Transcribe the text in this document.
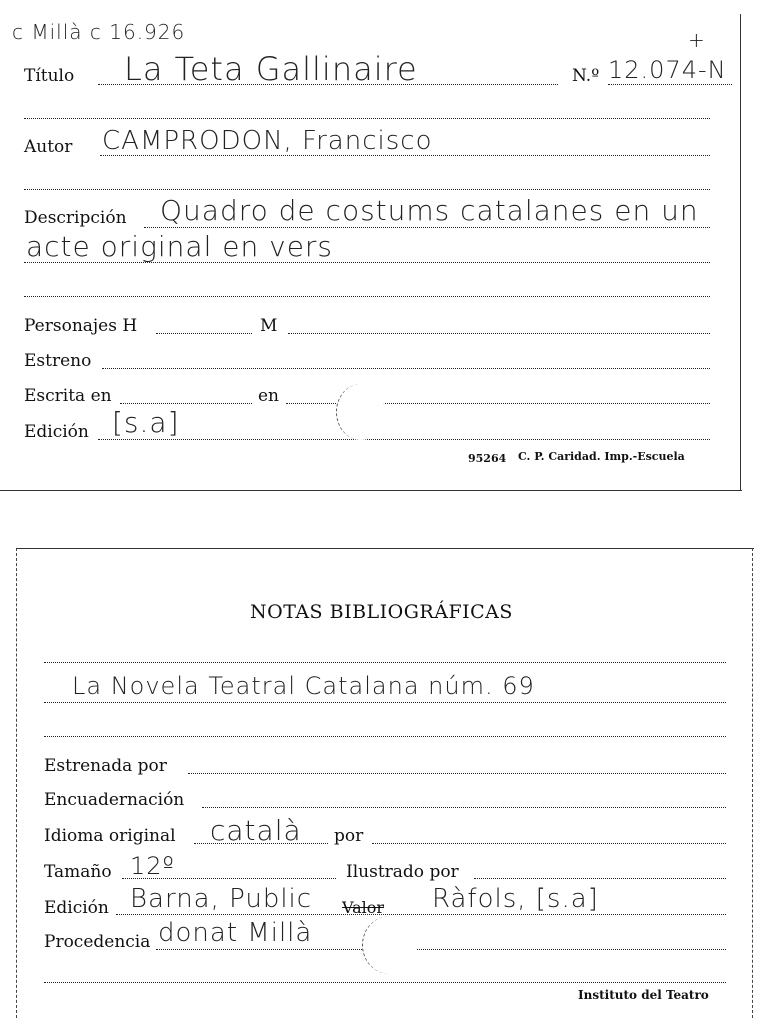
c Millà c 16.926	+
Título La Teta Gallinaire	N.º 12.074-N
Autor CAMPRODON, Francisco
Descripción Quadro de costums catalanes en un
acte original en vers
Personajes H	M
Estreno
Escrita en	en
Edición [s.a]
95264 C. P. Caridad. Imp.-Escuela
NOTAS BIBLIOGRÁFICAS
La Novela Teatral Catalana núm. 69
Estrenada por
Encuadernación
Idioma original català por
Tamaño 12º	Ilustrado por
Edición Barna, Public Valor Ràfols, [s.a]
Procedencia donat Millà
Instituto del Teatro
